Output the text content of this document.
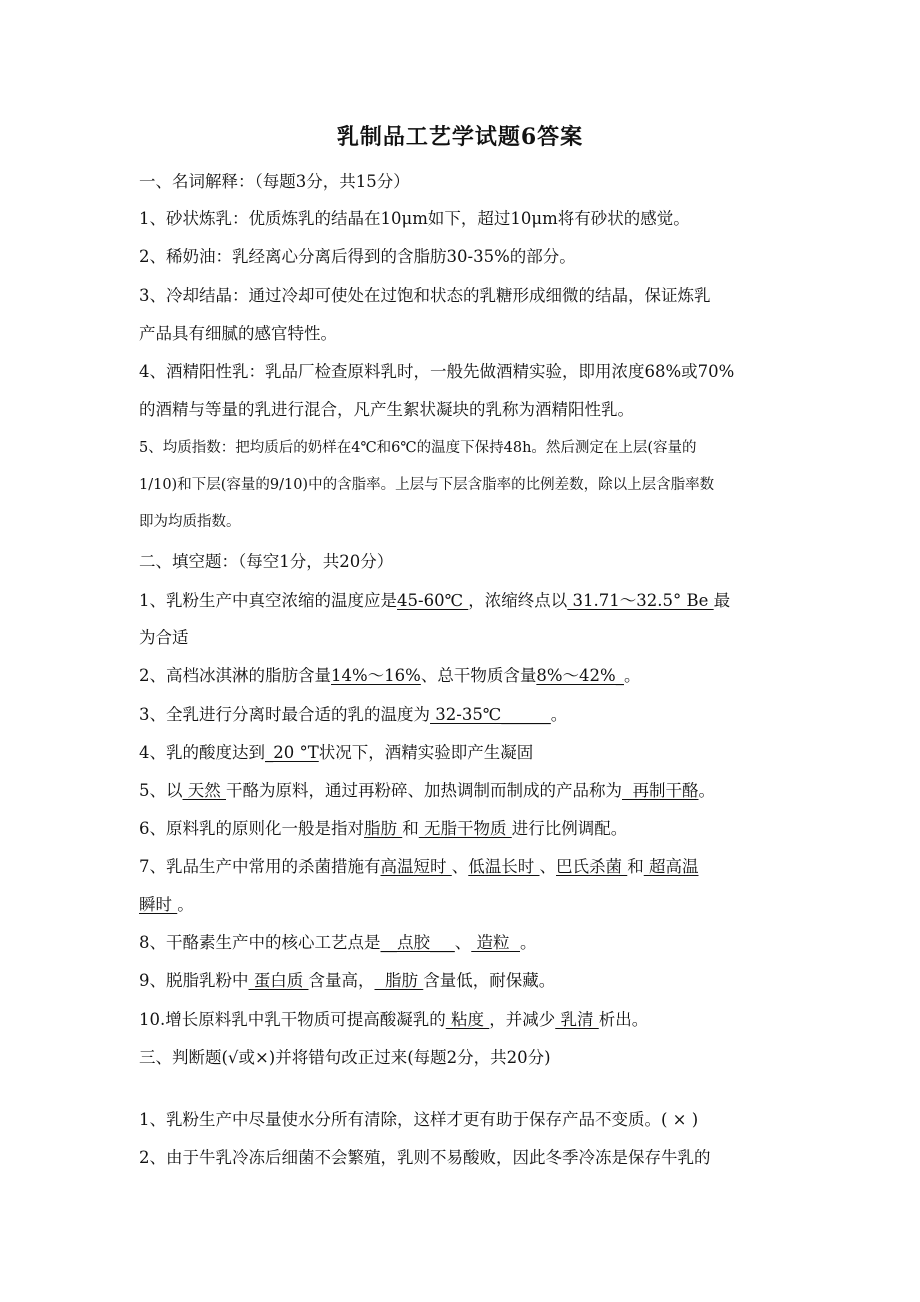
乳制品工艺学试题6答案
一、名词解释：（每题3分，共15分）
1、砂状炼乳：优质炼乳的结晶在10μm如下，超过10μm将有砂状的感觉。
2、稀奶油：乳经离心分离后得到的含脂肪30-35%的部分。
3、冷却结晶：通过冷却可使处在过饱和状态的乳糖形成细微的结晶，保证炼乳
产品具有细腻的感官特性。
4、酒精阳性乳：乳品厂检查原料乳时，一般先做酒精实验，即用浓度68%或70%
的酒精与等量的乳进行混合，凡产生絮状凝块的乳称为酒精阳性乳。
5、均质指数：把均质后的奶样在4℃和6℃的温度下保持48h。然后测定在上层(容量的
1/10)和下层(容量的9/10)中的含脂率。上层与下层含脂率的比例差数，除以上层含脂率数
即为均质指数。
二、填空题：（每空1分，共20分）
1、乳粉生产中真空浓缩的温度应是45-60℃ ，浓缩终点以 31.71～32.5° Be 最
为合适
2、高档冰淇淋的脂肪含量14%～16%、总干物质含量8%～42%_。
3、全乳进行分离时最合适的乳的温度为 32-35℃______。
4、乳的酸度达到_20 °T状况下，酒精实验即产生凝固
5、以 天然 干酪为原料，通过再粉碎、加热调制而制成的产品称为  再制干酪。
6、原料乳的原则化一般是指对脂肪 和 无脂干物质 进行比例调配。
7、乳品生产中常用的杀菌措施有高温短时 、低温长时 、巴氏杀菌 和 超高温
瞬时 。
8、干酪素生产中的核心工艺点是__点胶___、 造粒  。
9、脱脂乳粉中 蛋白质 含量高，  脂肪 含量低，耐保藏。
10.增长原料乳中乳干物质可提高酸凝乳的 粘度 ，并减少 乳清 析出。
三、判断题(√或×)并将错句改正过来(每题2分，共20分)
1、乳粉生产中尽量使水分所有清除，这样才更有助于保存产品不变质。( × )
2、由于牛乳冷冻后细菌不会繁殖，乳则不易酸败，因此冬季冷冻是保存牛乳的
